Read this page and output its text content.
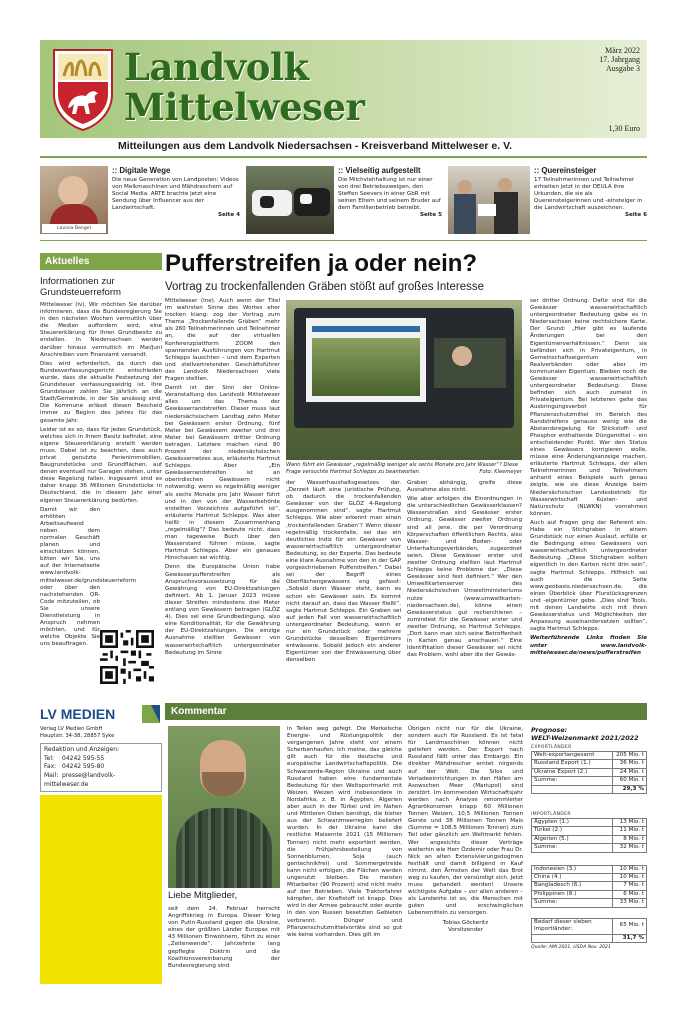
Landvolk
Mittelweser
März 2022
17. Jahrgang
Ausgabe 3
1,30 Euro
Mitteilungen aus dem Landvolk Niedersachsen - Kreisverband Mittelweser e. V.
Lavinia Bengel
:: Digitale Wege
Die neue Generation von Landposten: Videos von Melkmaschinen und Mähdreschern auf Social Media. ARTE brachte jetzt eine Sendung über Influencer aus der Landwirtschaft.
Seite 4
:: Vielseitig aufgestellt
Die Milchviehhaltung ist nur einer von drei Betriebszweigen, den Steffen Seevers in einer GbR mit seinen Eltern und seinem Bruder auf dem Familienbetrieb betreibt.
Seite 5
:: Quereinsteiger
17 Teilnehmerinnen und Teilnehmer erhielten jetzt in der DEULA ihre Urkunden, die sie als Quereinsteigerinnen und -einsteiger in die Landwirtschaft auszeichnen.
Seite 6
Aktuelles
Informationen zur Grundsteuerreform

Mittelweser (lv). Wir möchten Sie darüber informieren, dass die Bundesregierung Sie in den nächsten Wochen vermutlich über die Medien auffordern wird, eine Steuererklärung für Ihren Grundbesitz zu erstellen. In Niedersachsen werden darüber hinaus vermutlich im Mai/Juni Anschreiben vom Finanzamt versandt.

Dies wird erforderlich, da durch das Bundesverfassungsgericht entschieden wurde, dass die aktuelle Festsetzung der Grundsteuer verfassungswidrig ist. Ihre Grundsteuer zahlen Sie jährlich an die Stadt/Gemeinde, in der Sie ansässig sind. Die Kommune erlässt diesen Bescheid immer zu Beginn des Jahres für das gesamte Jahr.

Leider ist es so, dass für jedes Grundstück, welches sich in Ihrem Besitz befindet, eine eigene Steuererklärung erstellt werden muss. Dabei ist zu beachten, dass auch privat genutzte Ferienimmobilien, Baugrundstücke und Grundflächen, auf denen eventuell nur Garagen stehen, unter diese Regelung fallen. Insgesamt sind es daher knapp 36 Millionen Grundstücke in Deutschland, die in diesem Jahr einer eigenen Steuererklärung bedürfen.

Damit wir den erhöhten Arbeitsaufwand neben dem normalen Geschäft planen und einschätzen können, bitten wir Sie, uns auf der Internetseite www.landvolk-mittelweser.de/grundsteuerreform oder über den nachstehenden QR-Code mitzuteilen, ob Sie unsere Dienstleistung in Anspruch nehmen möchten, und für welche Objekte Sie uns beauftragen.

Pufferstreifen ja oder nein?
Vortrag zu trockenfallenden Gräben stößt auf großes Interesse

Mittelweser (lne). Auch wenn der Titel im wahrsten Sinne des Wortes eher trocken klang: zog der Vortrag zum Thema „Trockenfallende Gräben“ mehr als 260 Teilnehmerinnen und Teilnehmer an, die auf der virtuellen Konferenzplattform ZOOM den spannenden Ausführungen von Hartmut Schlepps lauschten – und dem Experten und stellvertretenden Geschäftsführer des Landvolk Niedersachsen viele Fragen stellten.

Damit ist der Sinn der Online-Veranstaltung des Landvolk Mittelweser alles um das Thema der Gewässerrandstreifen. Dieser muss laut niedersächsischem Landtag zehn Meter bei Gewässern erster Ordnung, fünf Meter bei Gewässern zweiter und drei Meter bei Gewässern dritter Ordnung betragen. Letztere machen rund 80 Prozent der niedersächsischen Gewässernetzes aus, erläuterte Hartmut Schlepps. Aber „Ein Gewässerrandstreifen ist an oberirdischen Gewässern nicht notwendig, wenn es regelmäßig weniger als sechs Monate pro Jahr Wasser führt und in den von der Wasserbehörde erstellten Verzeichnis aufgeführt ist“, erläuterte Hartmut Schlepps. Was aber heißt in diesem Zusammenhang „regelmäßig“? Das bedeute nicht, dass man tageweise Buch über den Wasserstand führen müsse, sagte Hartmut Schlepps. Aber ein genaues Hinschauen sei wichtig.

Denn die Europäische Union habe Gewässerpufferstreifen als Anspruchsvoraussetzung für die Gewährung von EU-Direktzahlungen definiert. Ab 1. Januar 2023 müsse dieser Streifen mindestens drei Meter entlang von Gewässern betragen (GLÖZ 4). Dies sei eine Grundbedingung, also eine Konditionalität, für die Gewährung der EU-Direktzahlungen. Die einzige Ausnahme stellten Gewässer von wasserwirtschaftlich untergeordneter Bedeutung im Sinne

Wann führt ein Gewässer „regelmäßig weniger als sechs Monate pro Jahr Wasser“? Diese Frage versuchte Hartmut Schlepps zu beantworten.	Foto: Kleemeyer

der Wasserhaushaltsgesetzes dar. „Derzeit läuft eine juristische Prüfung, ob dadurch die trockenfallenden Gewässer von der GLÖZ 4-Regelung ausgenommen sind“, sagte Hartmut Schlepps. Wie aber erkennt man einen ‚trockenfallenden Graben‘? Wenn dieser regelmäßig trockenfalle, sei das ein deutliches Indiz für ein Gewässer von wasserwirtschaftlich untergeordneter Bedeutung, so der Experte. Das bedeute eine klare Ausnahme von den in der GAP vorgeschriebenen Pufferstreifen.“ Dabei sei der Begriff eines Oberflächengewässers eng gefasst: „Sobald dann Wasser steht, kann es schon ein Gewässer sein. Es kommt nicht darauf an, dass das Wasser fließt“, sagte Hartmut Schlepps. Ein Graben sei auf jeden Fall von wasserwirtschaftlich untergeordneter Bedeutung, wenn er nur ein Grundstück oder mehrere Grundstücke desselben Eigentümers entwässere. Sobald jedoch ein anderer Eigentümer von der Entwässerung über denselben

Graben abhängig, greife diese Ausnahme also nicht.

Wie aber erfolgen die Einordnungen in die unterschiedlichen Gewässerklassen? Wasserstraßen sind Gewässer erster Ordnung. Gewässer zweiter Ordnung sind all jene, die per Verordnung Körperschaften öffentlichen Rechts, also Wasser- und Boden- oder Unterhaltungsverbänden, zugeordnet seien. Diese Gewässer erster und zweiter Ordnung stellten laut Hartmut Schlepps keine Probleme dar: „Diese Gewässer sind fest definiert.“ Wer den Umweltkartenserver des Niedersächsischen Umweltministeriums nutze (www.umweltkarten-niedersachsen.de), könne einen Gewässerstatus gut recherchieren – zumindest für die Gewässer erster und zweiter Ordnung, so Hartmut Schlepps. „Dort kann man sich seine Betroffenheit in Karten genau anschauen.“ Eine Identifikation dieser Gewässer sei nicht das Problem, wohl aber die der Gewäs-

ser dritter Ordnung. Dafür sind für die Gewässer wasserwirtschaftlich untergeordneter Bedeutung gebe es in Niedersachsen keine rechtsichere Karte. Der Grund: „Hier gibt es laufende Änderungen bei den Eigentümerverhältnissen.“ Denn sie befänden sich in Privateigentum, in Gemeinschaftseigentum von Realverbänden oder aber im kommunalen Eigentum. Bleiben noch die Gewässer wasserwirtschaftlich untergeordneter Bedeutung: Diese befinden sich auch zumeist in Privateigentum. Bei letzteren gelte das Ausbringungsverbot für Pflanzenschutzmittel im Bereich des Randstreifens genauso wenig wie die Abstandsregelung für Stickstoff- und Phosphor enthaltende Düngemittel – ein entscheidender Punkt. Wer den Status eines Gewässers korrigieren wolle, müsse eine Änderungsanzeige machen, erläuterte Hartmut Schlepps, der allen Teilnehmerinnen und Teilnehmern anhand eines Beispiels auch genau zeigte, wie sie diese Anzeige beim Niedersächsischen Landesbetrieb für Wasserwirtschaft Küsten- und Naturschutz (NLWKN) vornehmen können.

Auch auf Fragen ging der Referent ein. Habe ein Stichgraben in einem Grundstück nur einen Auslauf, erfülle er die Bedingung eines Gewässers von wasserwirtschaftlich untergeordneter Bedeutung. „Diese Stichgraben sollten eigentlich in den Karten nicht drin sein“, sagte Hartmut Schlepps. Hilfreich sei auch die Seite www.geobasis.niedersachsen.de, die einen Überblick über Flurstücksgrenzen und -eigentümer gebe. „Dies sind Tools, mit denen Landwirte sich mit ihren Gewässerstatus und Möglichkeiten der Anpassung auseinandersetzen sollten“, sagte Hartmut Schlepps.

Weiterführende Links finden Sie unter www.landvolk-mittelweser.de/news/pufferstreifen

LV MEDIEN
Verlag LV Medien GmbH
Hauptstr. 34-38, 28857 Syke
Redaktion und Anzeigen:
Tel: 04242 595-55
Fax: 04242 595-80
Mail: presse@landvolk-mittelweser.de
Kommentar
Liebe Mitglieder,

seit dem 24. Februar herrscht Angriffskrieg in Europa. Dieser Krieg von Putin-Russland gegen die Ukraine, eines der größten Länder Europas mit 43 Millionen Einwohnern, führt zu einer „Zeitenwende“. Jahrzehnte lang gepflegte Doktrin und die Koalitionsvereinbarung der Bundesregierung sind

in Teilen weg gefegt. Die Merkelsche Energie- und Rüstungspolitik der vergangenen Jahre steht vor einem Scherbenhaufen. Ich meine, das gleiche gilt auch für die deutsche und europäische Landwirtschaftspolitik. Die Schwarzerde-Region Ukraine und auch Russland haben eine fundamentale Bedeutung für den Weltsportmarkt mit Weizen. Weizen wird insbesondere in Nordafrika, z. B. in Ägypten, Algerien aber auch in der Türkei und im Nahen und Mittleren Osten benötigt, die bisher aus der Schwarzmeerregion beliefert wurden. In der Ukraine kann die restliche Maisernte 2021 (15 Millionen Tonnen) nicht mehr exportiert werden, die Frühjahrsbestellung von Sonnenblumen, Soja (auch gentechnikfrei) und Sommergetreide kann nicht erfolgen, die Flächen werden ungenutzt bleiben. Die meisten Mitarbeiter (90 Prozent) sind nicht mehr auf den Betrieben. Viele Traktorfahrer kämpfen, der Kraftstoff ist knapp. Dies wird in der Armee gebraucht oder wurde in den von Russen besetzten Gebieten verbrannt. Dünger und Pflanzenschutzmittelvorräte sind so gut wie keine vorhanden. Dies gilt im

Übrigen nicht nur für die Ukraine, sondern auch für Russland. Es ist fatal für Landmaschinen können nicht geliefert werden. Der Export nach Russland fällt unter das Embargo. Ein direkter Mähdrescher erntet nirgends auf der Welt. Die Silos und Verladeeinrichtungen in den Häfen am Asowschen Meer (Mariupol) sind zerstört. Im kommenden Wirtschaftsjahr werden nach Analyse renommierter Agrarökonomen knapp 60 Millionen Tonnen Weizen, 10,5 Millionen Tonnen Gerste und 38 Millionen Tonnen Mais (Summe = 108,5 Millionen Tonnen) zum Teil oder gänzlich am Weltmarkt fehlen. Wer angesichts dieser Verträge weiterhin wie Herr Özdemir oder Frau Dr. Nick an alten Extensivierungsdogmen festhält und damit billigend in Kauf nimmt, den Ärmsten der Welt das Brot weg zu kaufen, der versündigt sich. Jetzt muss gehandelt werden! Unsere wichtigste Aufgabe – vor allen anderen – als Landwirte ist es, die Menschen mit guten und erschwinglichen Lebensmitteln zu versorgen.

Tobias Göckeritz
Vorsitzender
Prognose:
WELT-Weizenmarkt 2021/2022
EXPORTLÄNDER
Welt-exportangesamt	205 Mio. t
Russland Export (1.)	36 Mio. t
Ukraine Export (2.)	24 Mio. t
Summe:	60 Mio. t
	29,3 %
IMPORTLÄNDER
Ägypten (1.)	13 Mio. t
Türkei (2.)	11 Mio. t
Algerien (5.)	8 Mio. t
Summe:	32 Mio. t
Indonesien (3.)	10 Mio. t
China (4.)	10 Mio. t
Bangladesch (6.)	7 Mio. t
Philippinen (8.)	6 Mio. t
Summe:	33 Mio. t
Bedarf dieser sieben Importländer:	65 Mio. t
	31,7 %
Quelle: AMI 2021, USDA Nov. 2021
